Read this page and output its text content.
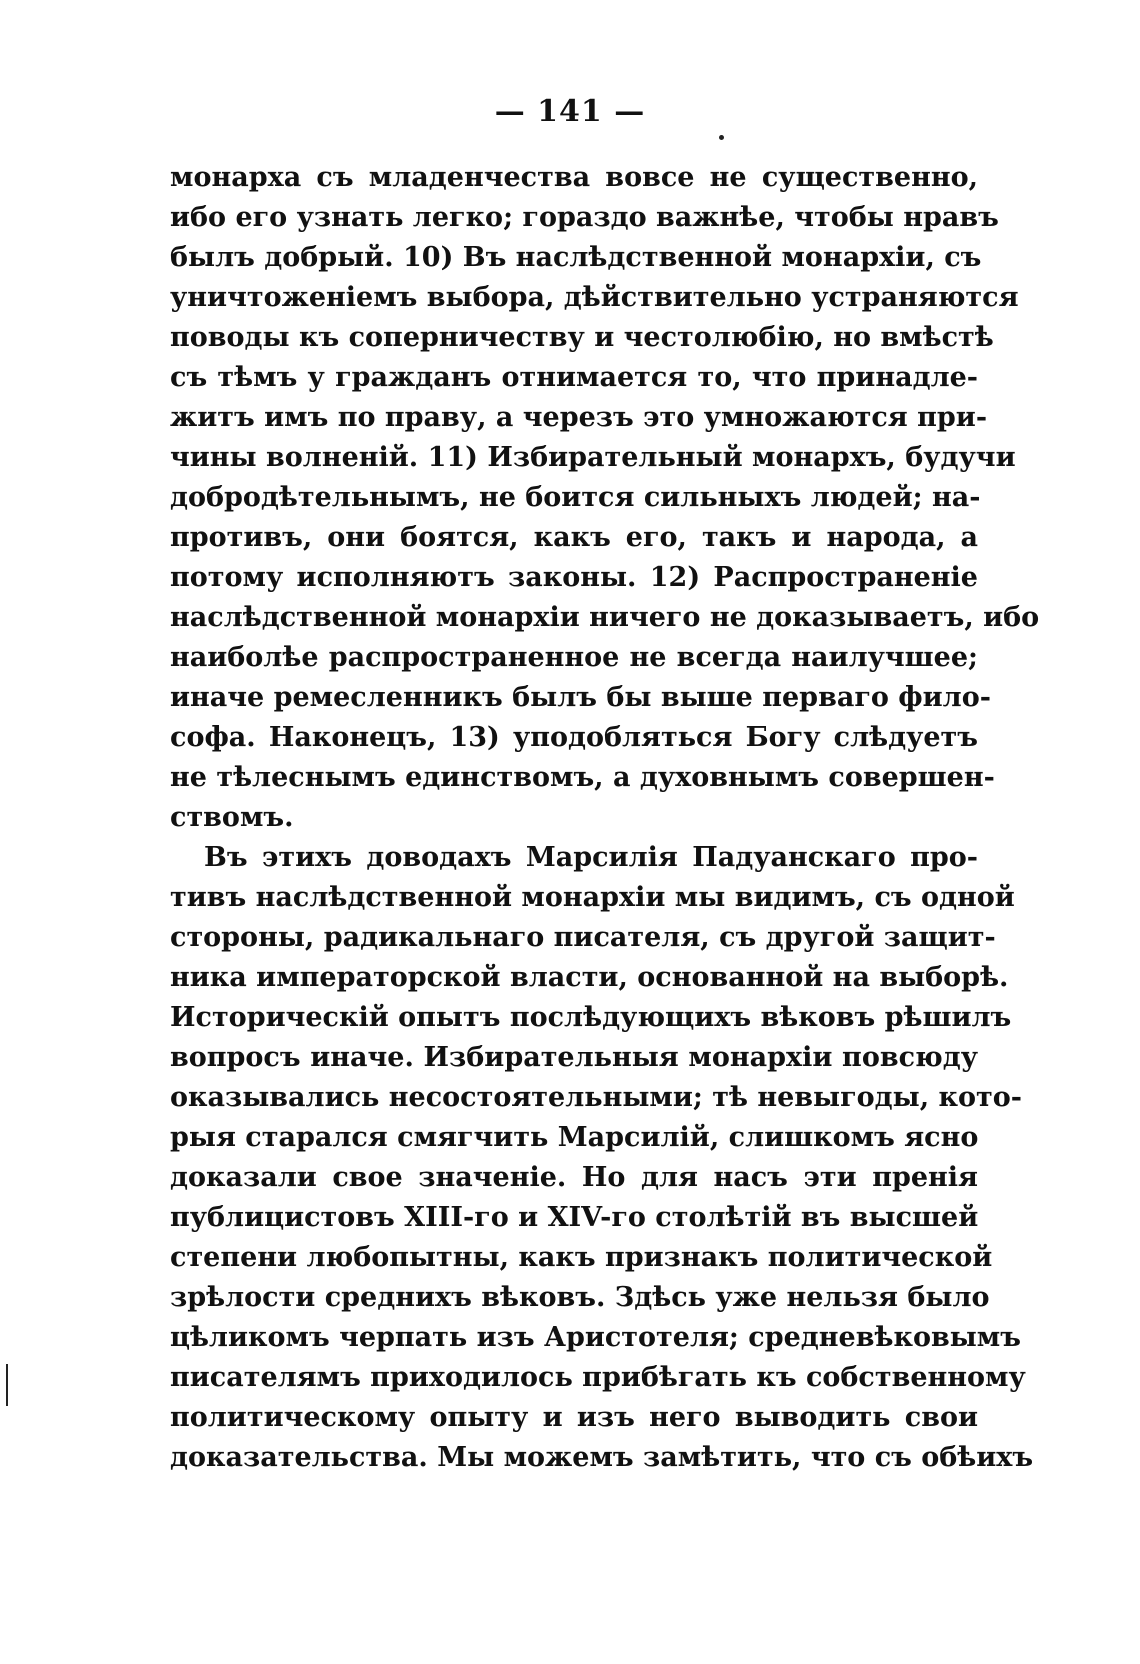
— 141 —
монарха съ младенчества вовсе не существенно,
ибо его узнать легко; гораздо важнѣе, чтобы нравъ
былъ добрый. 10) Въ наслѣдственной монархіи, съ
уничтоженіемъ выбора, дѣйствительно устраняются
поводы къ соперничеству и честолюбію, но вмѣстѣ
съ тѣмъ у гражданъ отнимается то, что принадле-
житъ имъ по праву, а черезъ это умножаются при-
чины волненій. 11) Избирательный монархъ, будучи
добродѣтельнымъ, не боится сильныхъ людей; на-
противъ, они боятся, какъ его, такъ и народа, а
потому исполняютъ законы. 12) Распространеніе
наслѣдственной монархіи ничего не доказываетъ, ибо
наиболѣе распространенное не всегда наилучшее;
иначе ремесленникъ былъ бы выше перваго фило-
софа. Наконецъ, 13) уподобляться Богу слѣдуетъ
не тѣлеснымъ единствомъ, а духовнымъ совершен-
ствомъ.
Въ этихъ доводахъ Марсилія Падуанскаго про-
тивъ наслѣдственной монархіи мы видимъ, съ одной
стороны, радикальнаго писателя, съ другой защит-
ника императорской власти, основанной на выборѣ.
Историческій опытъ послѣдующихъ вѣковъ рѣшилъ
вопросъ иначе. Избирательныя монархіи повсюду
оказывались несостоятельными; тѣ невыгоды, кото-
рыя старался смягчить Марсилій, слишкомъ ясно
доказали свое значеніе. Но для насъ эти пренія
публицистовъ XIII-го и XIV-го столѣтій въ высшей
степени любопытны, какъ признакъ политической
зрѣлости среднихъ вѣковъ. Здѣсь уже нельзя было
цѣликомъ черпать изъ Аристотеля; средневѣковымъ
писателямъ приходилось прибѣгать къ собственному
политическому опыту и изъ него выводить свои
доказательства. Мы можемъ замѣтить, что съ обѣихъ
